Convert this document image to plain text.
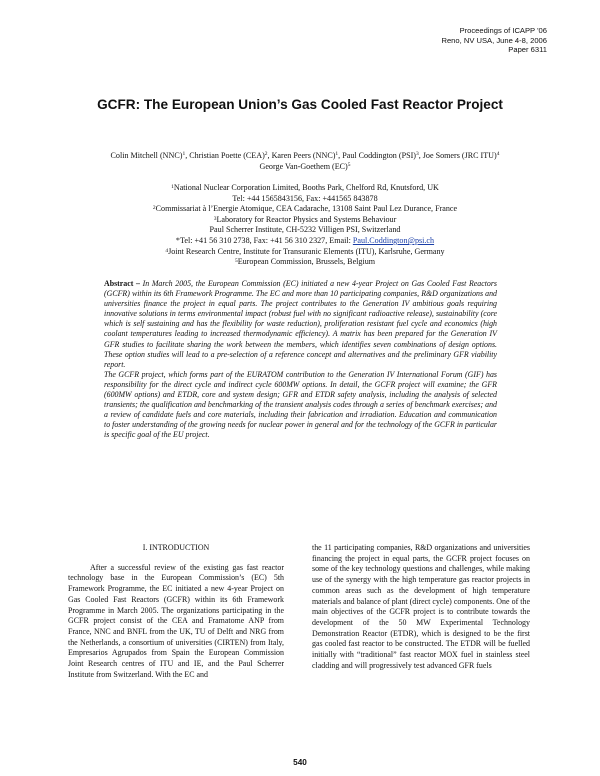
Proceedings of ICAPP '06
Reno, NV USA, June 4-8, 2006
Paper 6311
GCFR: The European Union’s Gas Cooled Fast Reactor Project
Colin Mitchell (NNC)$^1$, Christian Poette (CEA)$^2$, Karen Peers (NNC)$^1$, Paul Coddington (PSI)$^3$, Joe Somers (JRC ITU)$^4$
George Van-Goethem (EC)$^5$
$^1$National Nuclear Corporation Limited, Booths Park, Chelford Rd, Knutsford, UK
Tel: +44 1565843156, Fax: +441565 843878
$^2$Commissariat à l’Energie Atomique, CEA Cadarache, 13108 Saint Paul Lez Durance, France
$^3$Laboratory for Reactor Physics and Systems Behaviour
Paul Scherrer Institute, CH-5232 Villigen PSI, Switzerland
*Tel: +41 56 310 2738, Fax: +41 56 310 2327, Email: Paul.Coddington@psi.ch
$^4$Joint Research Centre, Institute for Transuranic Elements (ITU), Karlsruhe, Germany
$^5$European Commission, Brussels, Belgium

Abstract – In March 2005, the European Commission (EC) initiated a new 4-year Project on Gas Cooled Fast Reactors (GCFR) within its 6th Framework Programme. The EC and more than 10 participating companies, R&D organizations and universities finance the project in equal parts. The project contributes to the Generation IV ambitious goals requiring innovative solutions in terms environmental impact (robust fuel with no significant radioactive release), sustainability (core which is self sustaining and has the flexibility for waste reduction), proliferation resistant fuel cycle and economics (high coolant temperatures leading to increased thermodynamic efficiency). A matrix has been prepared for the Generation IV GFR studies to facilitate sharing the work between the members, which identifies seven combinations of design options. These option studies will lead to a pre-selection of a reference concept and alternatives and the preliminary GFR viability report.

The GCFR project, which forms part of the EURATOM contribution to the Generation IV International Forum (GIF) has responsibility for the direct cycle and indirect cycle 600MW options. In detail, the GCFR project will examine; the GFR (600MW options) and ETDR, core and system design; GFR and ETDR safety analysis, including the analysis of selected transients; the qualification and benchmarking of the transient analysis codes through a series of benchmark exercises; and a review of candidate fuels and core materials, including their fabrication and irradiation. Education and communication to foster understanding of the growing needs for nuclear power in general and for the technology of the GCFR in particular is specific goal of the EU project.

I. INTRODUCTION

After a successful review of the existing gas fast reactor technology base in the European Commission’s (EC) 5th Framework Programme, the EC initiated a new 4-year Project on Gas Cooled Fast Reactors (GCFR) within its 6th Framework Programme in March 2005. The organizations participating in the GCFR project consist of the CEA and Framatome ANP from France, NNC and BNFL from the UK, TU of Delft and NRG from the Netherlands, a consortium of universities (CIRTEN) from Italy, Empresarios Agrupados from Spain the European Commission Joint Research centres of ITU and IE, and the Paul Scherrer Institute from Switzerland. With the EC and

the 11 participating companies, R&D organizations and universities financing the project in equal parts, the GCFR project focuses on some of the key technology questions and challenges, while making use of the synergy with the high temperature gas reactor projects in common areas such as the development of high temperature materials and balance of plant (direct cycle) components. One of the main objectives of the GCFR project is to contribute towards the development of the 50 MW Experimental Technology Demonstration Reactor (ETDR), which is designed to be the first gas cooled fast reactor to be constructed. The ETDR will be fuelled initially with “traditional” fast reactor MOX fuel in stainless steel cladding and will progressively test advanced GFR fuels

540
